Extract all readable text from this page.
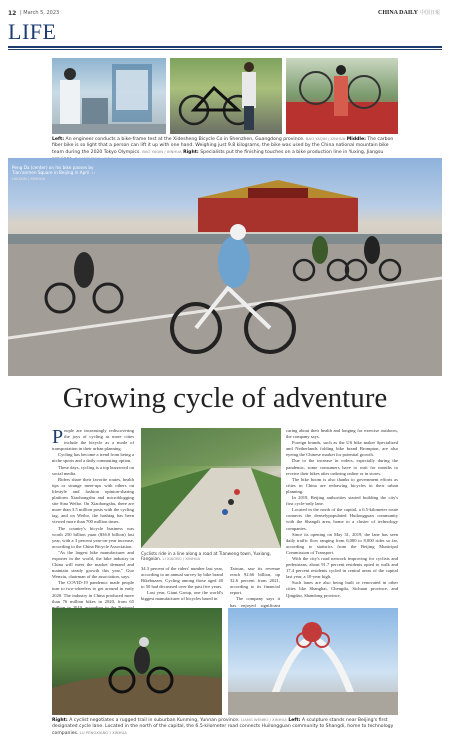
12 | March 5, 2023	CHINA DAILY 中国日報
LIFE
Left: An engineer conducts a bike-frame test at the Xidesheng Bicycle Co in Shenzhen, Guangdong province. BAO YAQIN / XINHUA Middle: The carbon fiber bike is so light that a person can lift it up with one hand. Weighing just 9.8 kilograms, the bike was used by the China national mountain bike team during the 2020 Tokyo Olympics. BAO YAQIN / XINHUA Right: Specialists put the finishing touches on a bike production line in Yuxing, Jiangsu
Peng Da (center) on his bike passes by Tian'anmen Square in Beijing in April. LI HAOXIN / XINHUA
Growing cycle of adventure
P eople are increasingly rediscovering the joys of cycling as more cities include the bicycle as a mode of transportation in their urban planning.

Cycling has become a trend from being a niche sports and a daily commuting option.

These days, cycling is a top buzzword on social media.

Riders share their favorite routes, health tips or strange meet-ups with others on lifestyle and fashion opinion-sharing platform Xiaohongshu and microblogging site Sina Weibo. On Xiaohongshu, there are more than 3.5 million posts with the cycling tag, and on Weibo, the hashtag has been viewed more than 700 million times.

The country's bicycle business was worth 250 billion yuan ($36.0 billion) last year, with a 3 percent year-on-year increase, according to the China Bicycle Association.

"As the largest bike manufacturer and exporter in the world, the bike industry in China will meet the market demand and maintain steady growth this year," Guo Wenxiu, chairman of the association, says.

The COVID-19 pandemic made people turn to two-wheelers to get around in early 2020. The industry in China produced more than 76 million bikes in 2020, from 65

Cyclists ride in a line along a road at Tianweng town, Yuxiang, Fangxian. LI XIAOBO / XINHUA

34.3 percent of the riders' number last year, according to an annual survey by bike brand Bikebuzzes. Cycling among those aged 40 to 50 had decreased over the past five years.

Last year, Giant Group, one the world's biggest manufacturer of bicycles based in

Taiwan, saw its revenue reach 92.66 billion, up 32.6 percent from 2021, according to its financial report.

The company says it has enjoyed significant

caring about their health and longing for exercise outdoors, the company says.

Foreign brands, such as the US bike maker Specialized and Netherlands folding bike brand Brompton, are also eyeing the Chinese market for potential growth.

Due to the increase in orders, especially during the pandemic, some consumers have to wait for months to receive their bikes after ordering online or in stores.

The bike boom is also thanks to government efforts as cities in China are redrawing bicycles in their urban planning.

In 2019, Beijing authorities started building the city's first cycle-only lane.

Located in the north of the capital, a 6.5-kilometer route connects the denselypopulated Huilongguan community with the Shangdi area, home to a cluster of technology companies.

Since its opening on May 31, 2019, the lane has seen daily traffic flow ranging from 6,000 to 8,000 rides so far, according to statistics from the Beijing Municipal Commission of Transport.

With the city's road network improving for cyclists and pedestrians, about 91.7 percent residents opted to walk and 17.4 percent residents cycled in central areas of the capital last year, a 10-year high.

Such lanes are also being built or renovated in other cities like Shanghai, Chengdu, Sichuan province, and Qingdao, Shandong province.

Right: A cyclist negotiates a rugged trail in suburban Kunming, Yunnan province. LIANG WENBO / XINHUA Left: A sculpture stands near Beijing's first designated cycle lane. Located in the north of the capital, the 6.5-kilometer road connects Huilongguan community to Shangdi, home to technology companies. LU PENGXIANG / XINHUA
